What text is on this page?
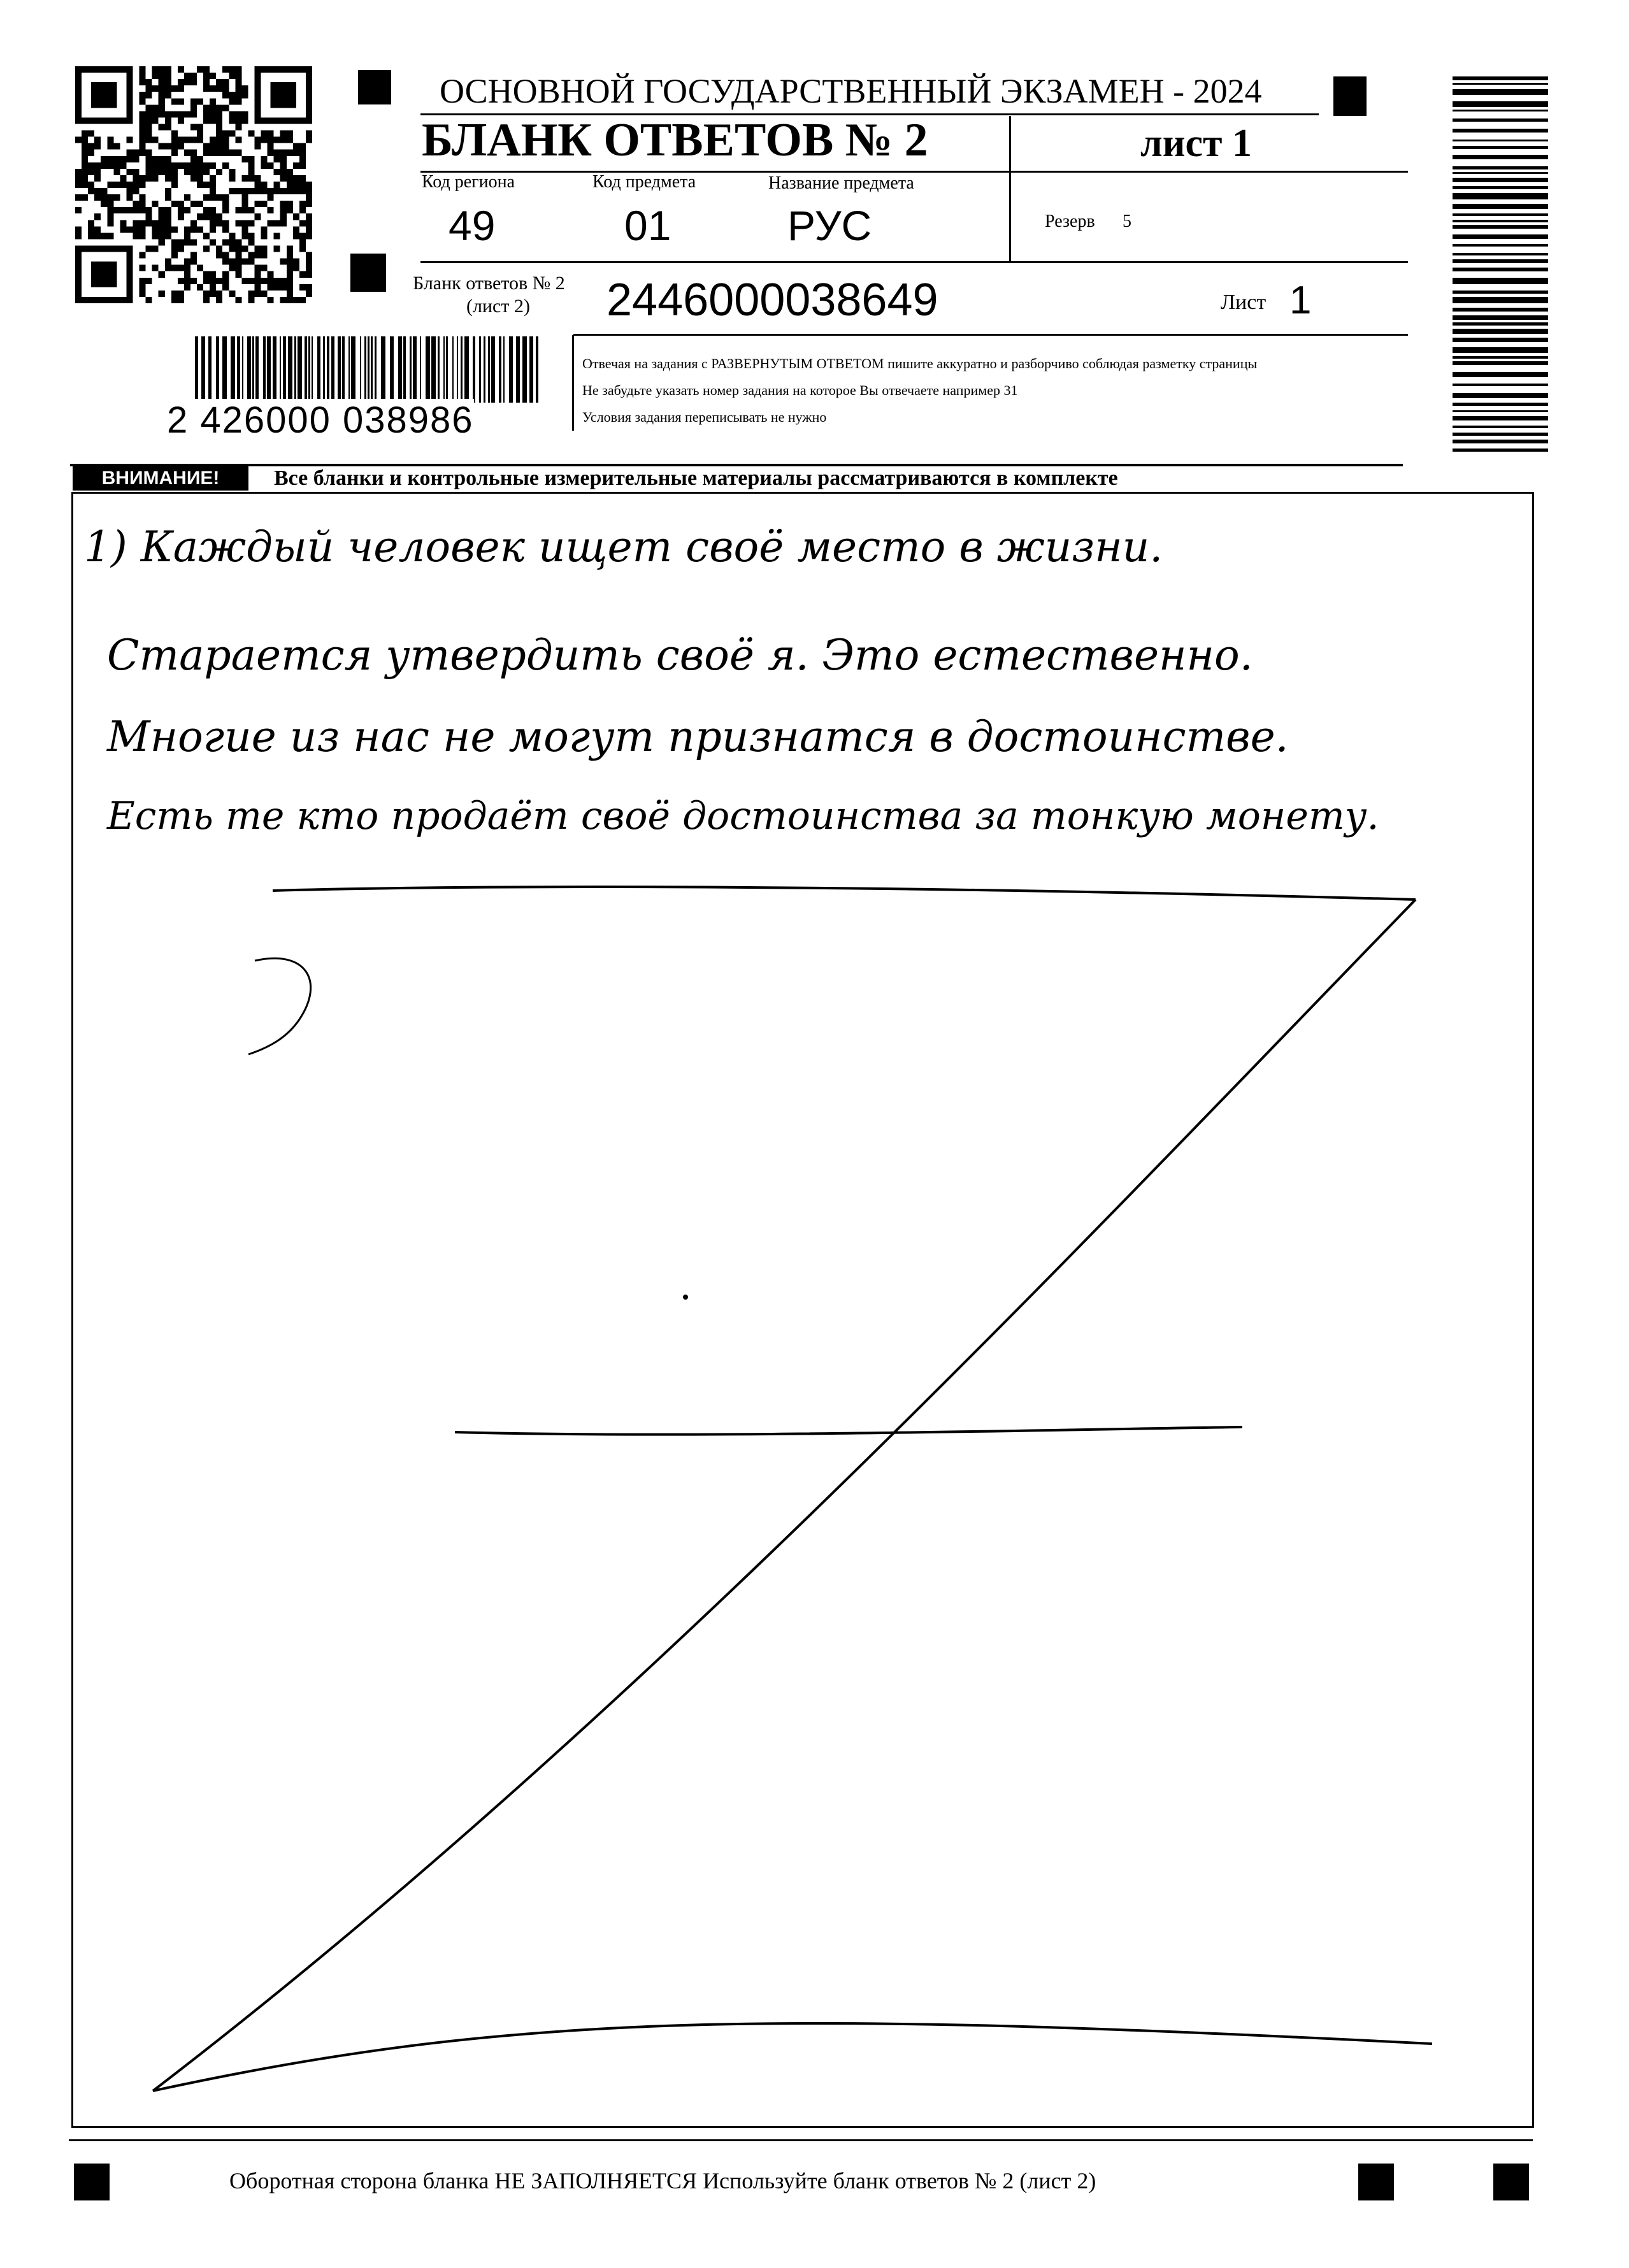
ОСНОВНОЙ ГОСУДАРСТВЕННЫЙ ЭКЗАМЕН - 2024
БЛАНК ОТВЕТОВ № 2	лист 1
Код региона	Код предмета	Название предмета
49	01	РУС	Резерв 5
Бланк ответов № 2
(лист 2) 2446000038649	Лист 1
2 426000 038986
Отвечая на задания с РАЗВЕРНУТЫМ ОТВЕТОМ пишите аккуратно и разборчиво соблюдая разметку страницы
Не забудьте указать номер задания на которое Вы отвечаете например 31
Условия задания переписывать не нужно
ВНИМАНИЕ!	Все бланки и контрольные измерительные материалы рассматриваются в комплекте
1) Каждый человек ищет своё место в жизни.
Старается утвердить своё я. Это естественно.
Многие из нас не могут признатся в достоинстве.
Есть те кто продаёт своё достоинства за тонкую монету.
Оборотная сторона бланка НЕ ЗАПОЛНЯЕТСЯ Используйте бланк ответов № 2 (лист 2)
